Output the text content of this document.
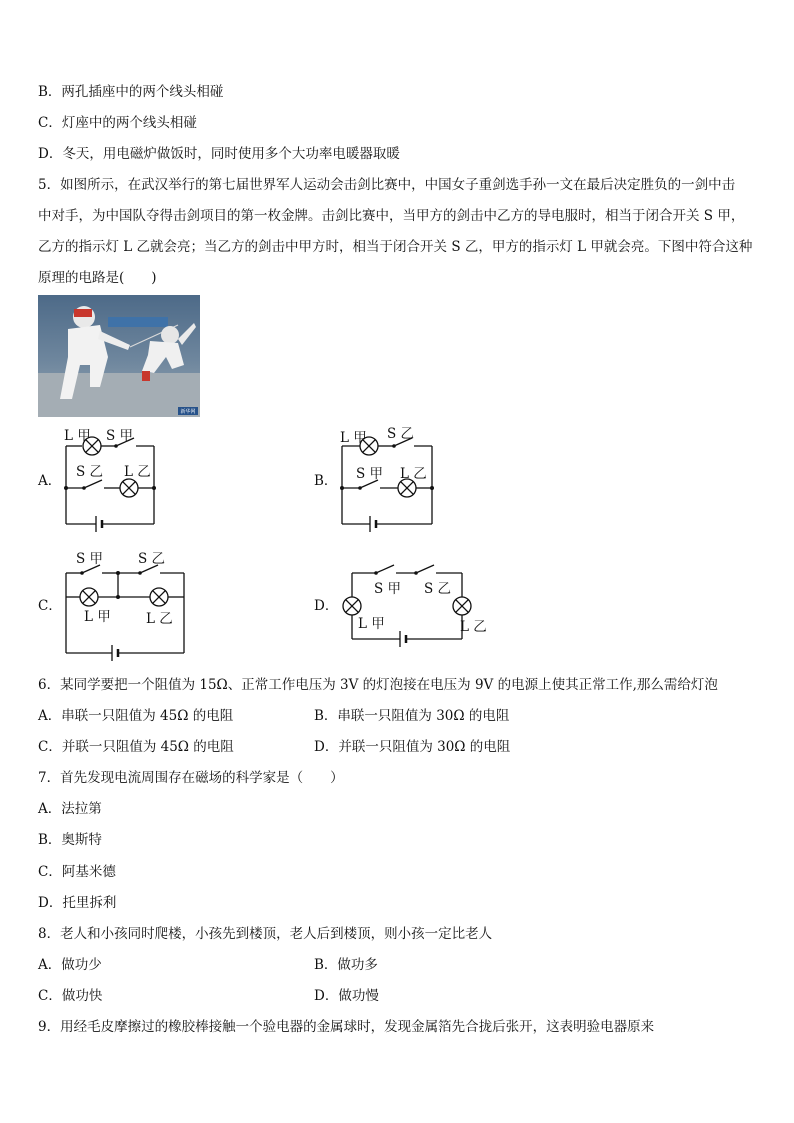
B．两孔插座中的两个线头相碰
C．灯座中的两个线头相碰
D．冬天，用电磁炉做饭时，同时使用多个大功率电暖器取暖
5．如图所示，在武汉举行的第七届世界军人运动会击剑比赛中，中国女子重剑选手孙一文在最后决定胜负的一剑中击
中对手，为中国队夺得击剑项目的第一枚金牌。击剑比赛中，当甲方的剑击中乙方的导电服时，相当于闭合开关 S 甲，
乙方的指示灯 L 乙就会亮；当乙方的剑击中甲方时，相当于闭合开关 S 乙，甲方的指示灯 L 甲就会亮。下图中符合这种
原理的电路是(　　)
新华网
A．	B．
C．	D．
L 甲 S 甲
S 乙 L 乙
L 甲 S 乙
S 甲 L 乙
S 甲	S 乙
L 甲	L 乙
S 甲 S 乙
L 甲	L 乙
6．某同学要把一个阻值为 15Ω、正常工作电压为 3V 的灯泡接在电压为 9V 的电源上使其正常工作,那么需给灯泡
A．串联一只阻值为 45Ω 的电阻	B．串联一只阻值为 30Ω 的电阻
C．并联一只阻值为 45Ω 的电阻	D．并联一只阻值为 30Ω 的电阻
7．首先发现电流周围存在磁场的科学家是（　　）
A．法拉第
B．奥斯特
C．阿基米德
D．托里拆利
8．老人和小孩同时爬楼，小孩先到楼顶，老人后到楼顶，则小孩一定比老人
A．做功少	B．做功多
C．做功快	D．做功慢
9．用经毛皮摩擦过的橡胶棒接触一个验电器的金属球时，发现金属箔先合拢后张开，这表明验电器原来
